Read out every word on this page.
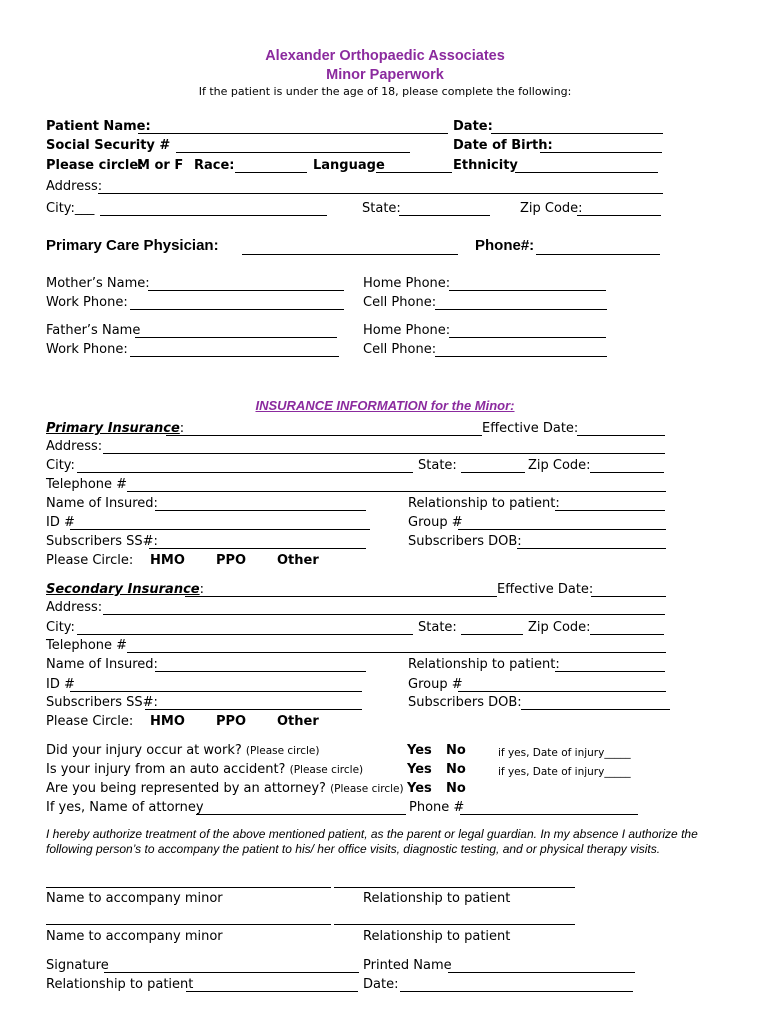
Alexander Orthopaedic Associates
Minor Paperwork
If the patient is under the age of 18, please complete the following:
Patient Name:	Date:
Social Security #	Date of Birth:
Please circle:
M or F Race:	Language	Ethnicity
Address:
City:___	State:	Zip Code:
Primary Care Physician:	Phone#:
Mother’s Name:	Home Phone:
Work Phone:	Cell Phone:
Father’s Name	Home Phone:
Work Phone:	Cell Phone:
INSURANCE INFORMATION for the Minor:
Primary Insurance:	Effective Date:
Address:
City:	State:	Zip Code:
Telephone #
Name of Insured:	Relationship to patient:
ID #	Group #
Subscribers SS#:	Subscribers DOB:
Please Circle: HMO PPO Other
Secondary Insurance:	Effective Date:
Address:
City:	State:	Zip Code:
Telephone #
Name of Insured:	Relationship to patient:
ID #	Group #
Subscribers SS#:	Subscribers DOB:
Please Circle: HMO PPO Other
Did your injury occur at work? (Please circle)	Yes No	if yes, Date of injury_____
Is your injury from an auto accident? (Please circle)	Yes No	if yes, Date of injury_____
Are you being represented by an attorney? (Please circle) Yes No
If yes, Name of attorney	Phone #
I hereby authorize treatment of the above mentioned patient, as the parent or legal guardian. In my absence I authorize the
following person’s to accompany the patient to his/ her office visits, diagnostic testing, and or physical therapy visits.
Name to accompany minor	Relationship to patient
Name to accompany minor	Relationship to patient
Signature	Printed Name
Relationship to patient	Date:
